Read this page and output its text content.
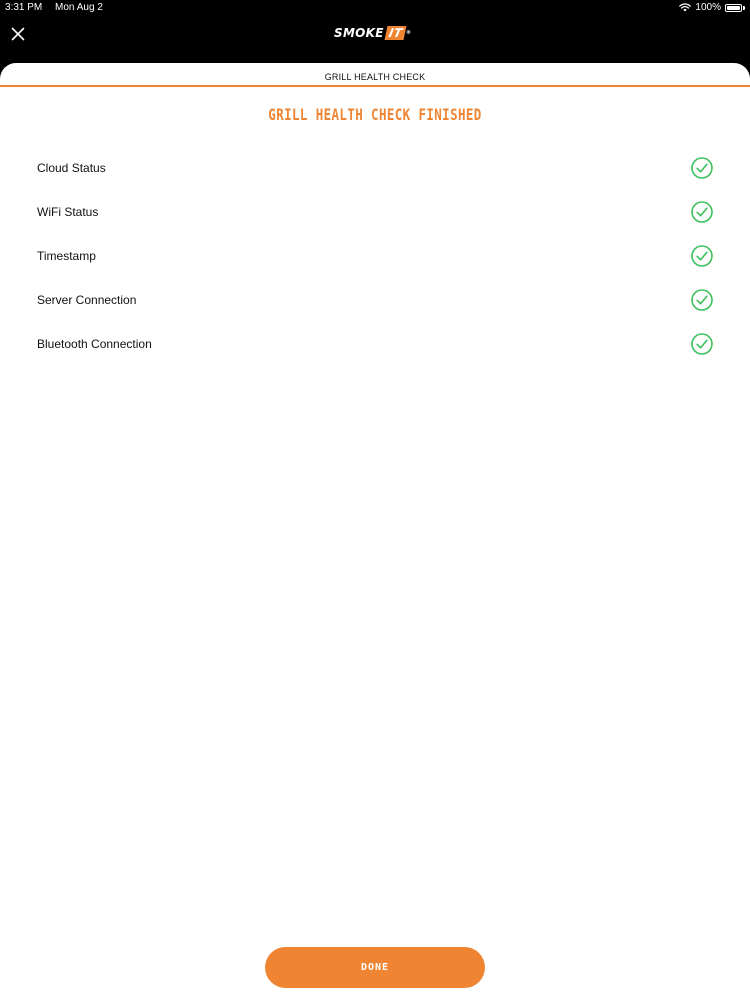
3:31 PM Mon Aug 2	100%
SMOKE IT ®
GRILL HEALTH CHECK
GRILL HEALTH CHECK FINISHED
Cloud Status
WiFi Status
Timestamp
Server Connection
Bluetooth Connection
DONE
